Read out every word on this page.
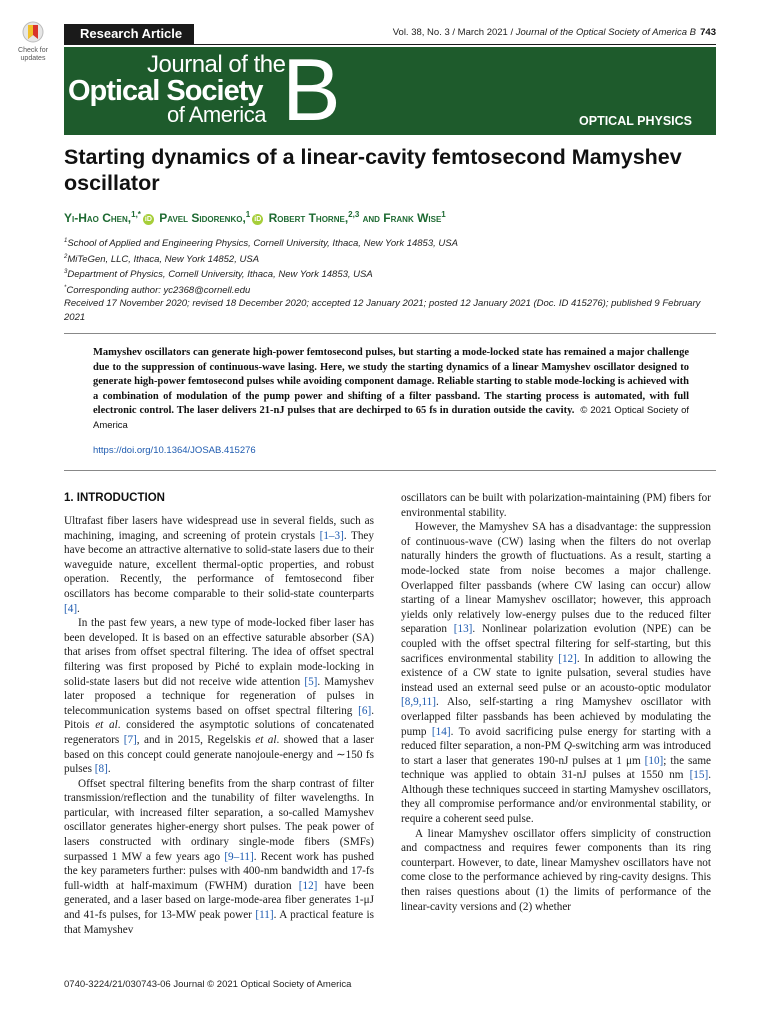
Check for updates
Research Article	Vol. 38, No. 3 / March 2021 / Journal of the Optical Society of America B 743
Journal of the
Optical Society
of America B	OPTICAL PHYSICS
Starting dynamics of a linear-cavity femtosecond Mamyshev oscillator
Yi-Hao Chen,$^{1,*}$iD Pavel Sidorenko,$^1$iD Robert Thorne,$^{2,3}$ and Frank Wise$^1$
$^1$School of Applied and Engineering Physics, Cornell University, Ithaca, New York 14853, USA
$^2$MiTeGen, LLC, Ithaca, New York 14852, USA
$^3$Department of Physics, Cornell University, Ithaca, New York 14853, USA
*Corresponding author: yc2368@cornell.edu
Received 17 November 2020; revised 18 December 2020; accepted 12 January 2021; posted 12 January 2021 (Doc. ID 415276); published 9 February 2021
Mamyshev oscillators can generate high-power femtosecond pulses, but starting a mode-locked state has remained a major challenge due to the suppression of continuous-wave lasing. Here, we study the starting dynamics of a linear Mamyshev oscillator designed to generate high-power femtosecond pulses while avoiding component damage. Reliable starting to stable mode-locking is achieved with a combination of modulation of the pump power and shifting of a filter passband. The starting process is automated, with full electronic control. The laser delivers 21-nJ pulses that are dechirped to 65 fs in duration outside the cavity. © 2021 Optical Society of America
https://doi.org/10.1364/JOSAB.415276
1. INTRODUCTION

Ultrafast fiber lasers have widespread use in several fields, such as machining, imaging, and screening of protein crystals [1–3]. They have become an attractive alternative to solid-state lasers due to their waveguide nature, excellent thermal-optic properties, and robust operation. Recently, the performance of femtosecond fiber oscillators has become comparable to their solid-state counterparts [4].

In the past few years, a new type of mode-locked fiber laser has been developed. It is based on an effective saturable absorber (SA) that arises from offset spectral filtering. The idea of offset spectral filtering was first proposed by Piché to explain mode-locking in solid-state lasers but did not receive wide attention [5]. Mamyshev later proposed a technique for regeneration of pulses in telecommunication systems based on offset spectral filtering [6]. Pitois et al. considered the asymptotic solutions of concatenated regenerators [7], and in 2015, Regelskis et al. showed that a laser based on this concept could generate nanojoule-energy and ∼150 fs pulses [8].

Offset spectral filtering benefits from the sharp contrast of filter transmission/reflection and the tunability of filter wavelengths. In particular, with increased filter separation, a so-called Mamyshev oscillator generates higher-energy short pulses. The peak power of lasers constructed with ordinary single-mode fibers (SMFs) surpassed 1 MW a few years ago [9–11]. Recent work has pushed the key parameters further: pulses with 400-nm bandwidth and 17-fs full-width at half-maximum (FWHM) duration [12] have been generated, and a laser based on large-mode-area fiber generates 1-μJ and 41-fs pulses, for 13-MW peak power [11]. A practical feature is that Mamyshev

oscillators can be built with polarization-maintaining (PM) fibers for environmental stability.

However, the Mamyshev SA has a disadvantage: the suppression of continuous-wave (CW) lasing when the filters do not overlap naturally hinders the growth of fluctuations. As a result, starting a mode-locked state from noise becomes a major challenge. Overlapped filter passbands (where CW lasing can occur) allow starting of a linear Mamyshev oscillator; however, this approach yields only relatively low-energy pulses due to the reduced filter separation [13]. Nonlinear polarization evolution (NPE) can be coupled with the offset spectral filtering for self-starting, but this sacrifices environmental stability [12]. In addition to allowing the existence of a CW state to ignite pulsation, several studies have instead used an external seed pulse or an acousto-optic modulator [8,9,11]. Also, self-starting a ring Mamyshev oscillator with overlapped filter passbands has been achieved by modulating the pump [14]. To avoid sacrificing pulse energy for starting with a reduced filter separation, a non-PM Q-switching arm was introduced to start a laser that generates 190-nJ pulses at 1 μm [10]; the same technique was applied to obtain 31-nJ pulses at 1550 nm [15]. Although these techniques succeed in starting Mamyshev oscillators, they all compromise performance and/or environmental stability, or require a coherent seed pulse.

A linear Mamyshev oscillator offers simplicity of construction and compactness and requires fewer components than its ring counterpart. However, to date, linear Mamyshev oscillators have not come close to the performance achieved by ring-cavity designs. This then raises questions about (1) the limits of performance of the linear-cavity versions and (2) whether

0740-3224/21/030743-06 Journal © 2021 Optical Society of America
